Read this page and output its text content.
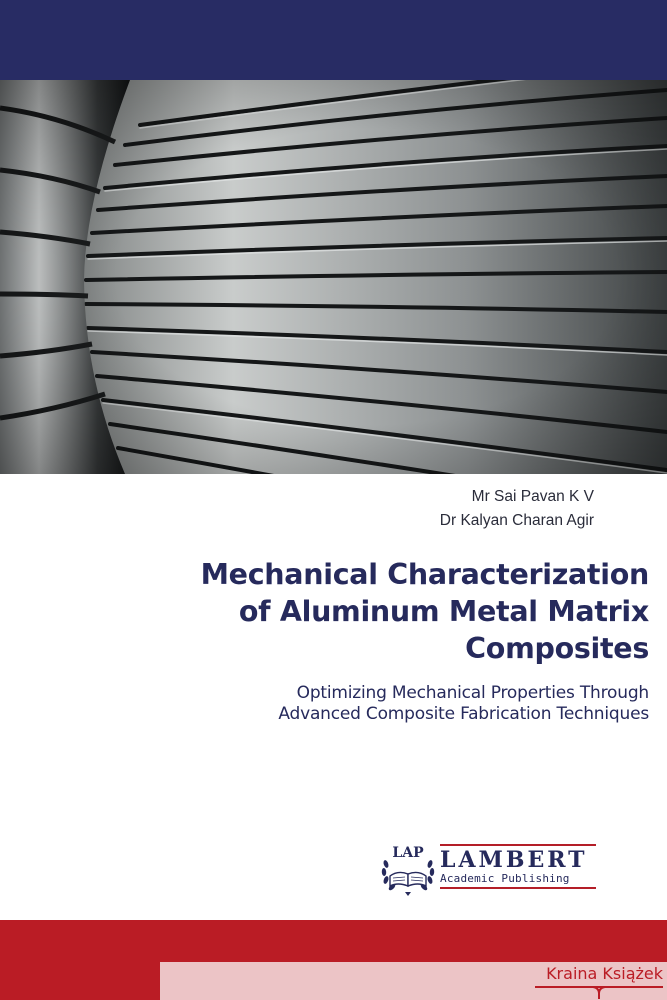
Mr Sai Pavan K V
Dr Kalyan Charan Agir
Mechanical Characterization
of Aluminum Metal Matrix
Composites
Optimizing Mechanical Properties Through
Advanced Composite Fabrication Techniques
LAP LAMBERT
Academic Publishing
Kraina Książek
